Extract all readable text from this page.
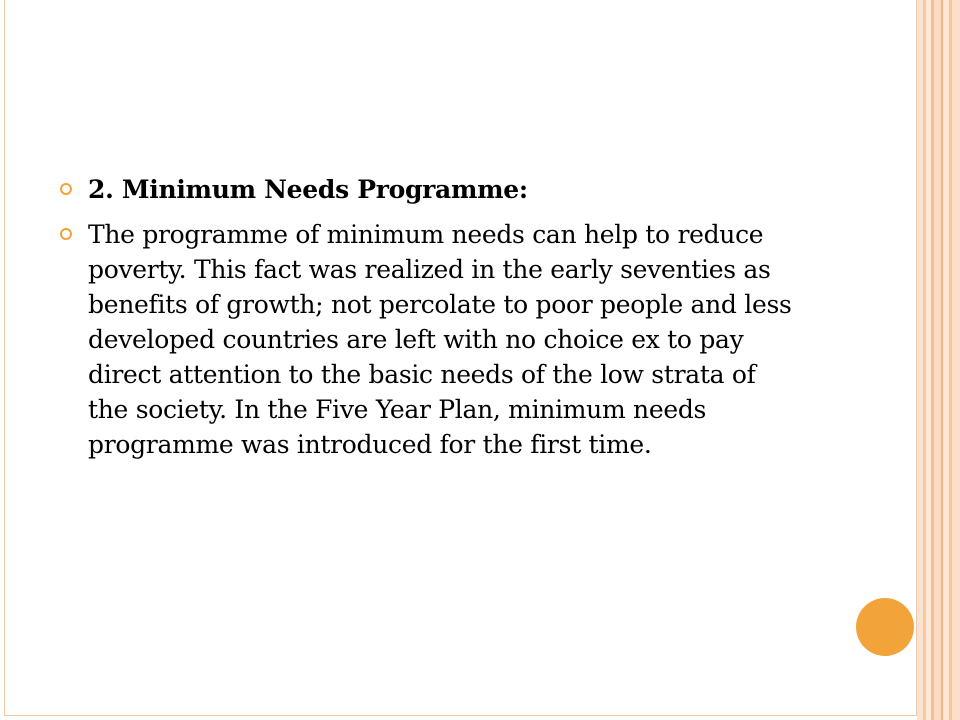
2. Minimum Needs Programme:
The programme of minimum needs can help to reduce poverty. This fact was realized in the early seventies as benefits of growth; not percolate to poor people and less developed countries are left with no choice ex to pay direct attention to the basic needs of the low strata of the society. In the Five Year Plan, minimum needs programme was introduced for the first time.
